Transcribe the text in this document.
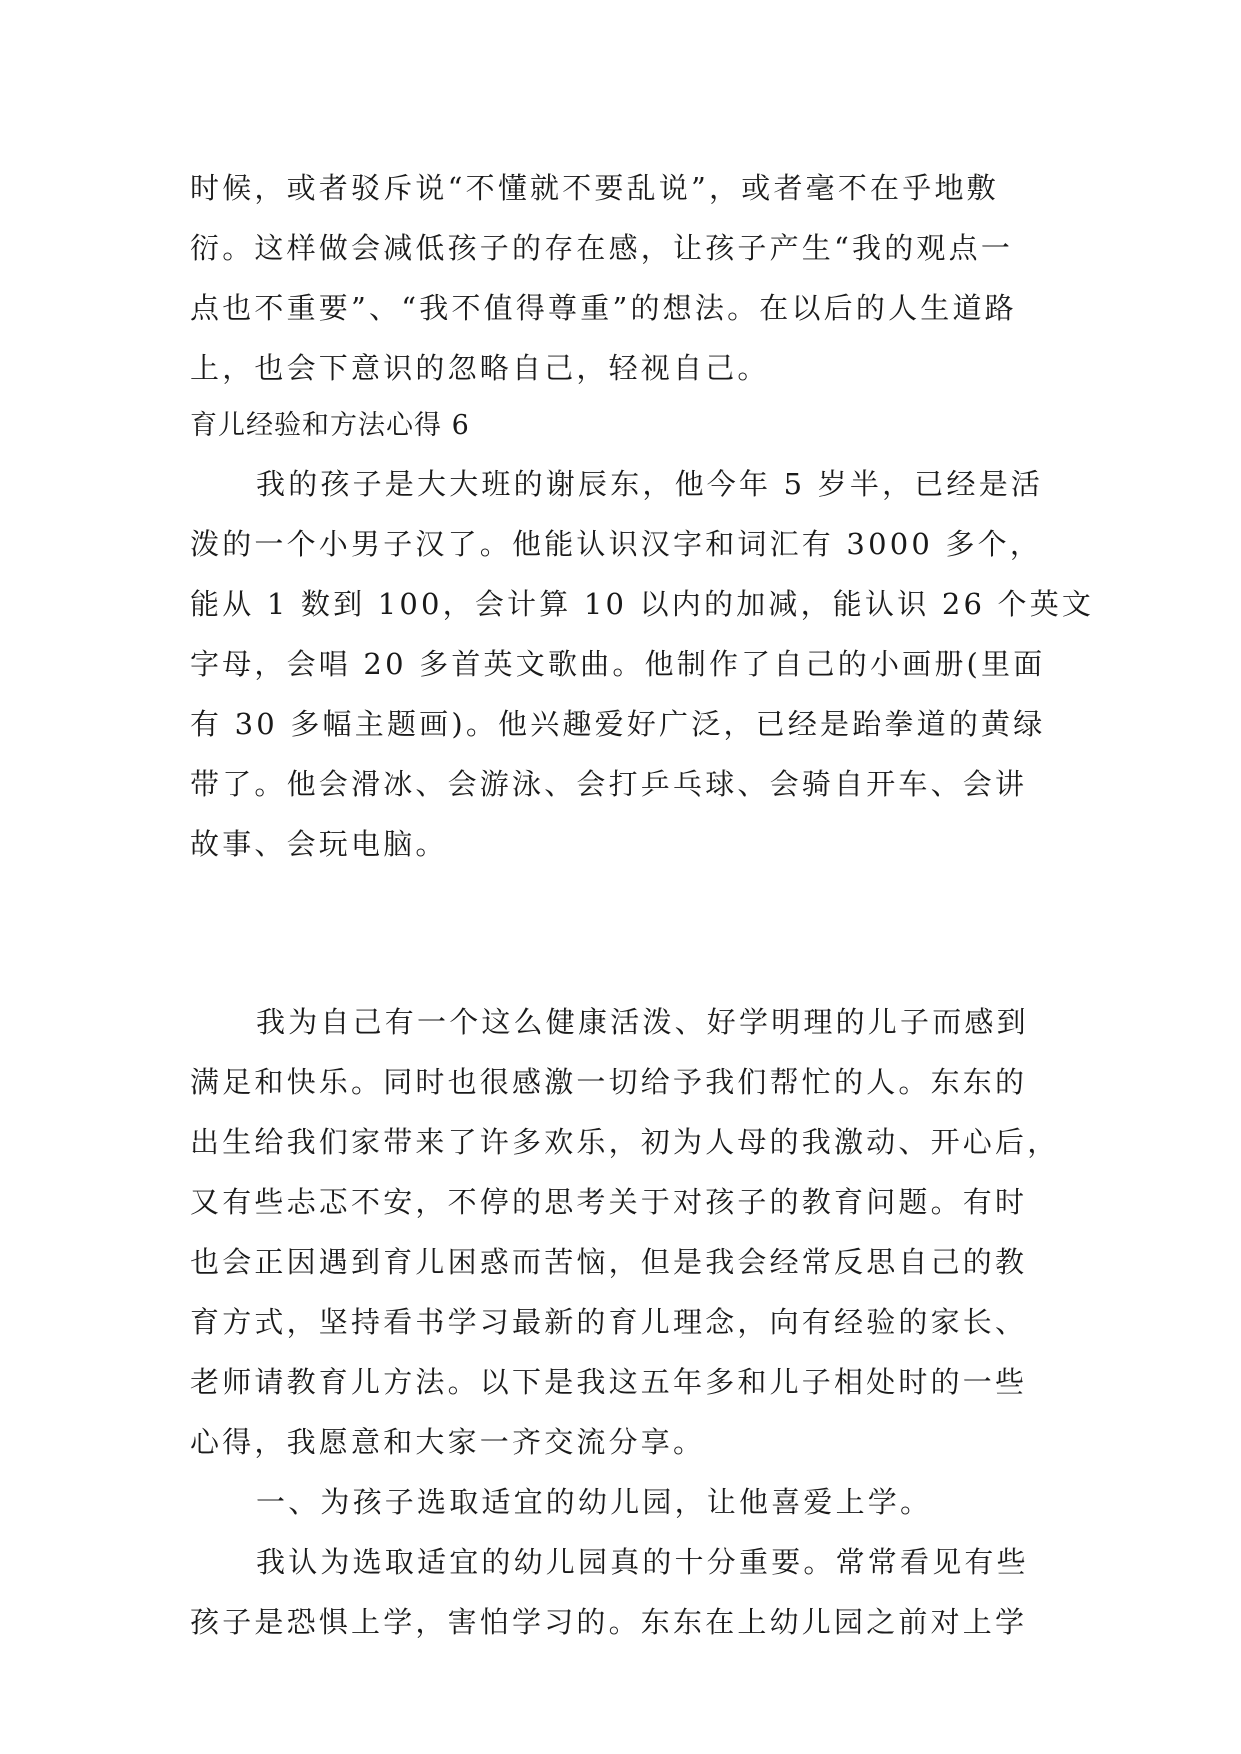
时候，或者驳斥说“不懂就不要乱说”，或者毫不在乎地敷
衍。这样做会减低孩子的存在感，让孩子产生“我的观点一
点也不重要”、“我不值得尊重”的想法。在以后的人生道路
上，也会下意识的忽略自己，轻视自己。
育儿经验和方法心得 6
我的孩子是大大班的谢辰东，他今年 5 岁半，已经是活
泼的一个小男子汉了。他能认识汉字和词汇有 3000 多个，
能从 1 数到 100，会计算 10 以内的加减，能认识 26 个英文
字母，会唱 20 多首英文歌曲。他制作了自己的小画册(里面
有 30 多幅主题画)。他兴趣爱好广泛，已经是跆拳道的黄绿
带了。他会滑冰、会游泳、会打乒乓球、会骑自开车、会讲
故事、会玩电脑。
我为自己有一个这么健康活泼、好学明理的儿子而感到
满足和快乐。同时也很感激一切给予我们帮忙的人。东东的
出生给我们家带来了许多欢乐，初为人母的我激动、开心后，
又有些忐忑不安，不停的思考关于对孩子的教育问题。有时
也会正因遇到育儿困惑而苦恼，但是我会经常反思自己的教
育方式，坚持看书学习最新的育儿理念，向有经验的家长、
老师请教育儿方法。以下是我这五年多和儿子相处时的一些
心得，我愿意和大家一齐交流分享。
一、为孩子选取适宜的幼儿园，让他喜爱上学。
我认为选取适宜的幼儿园真的十分重要。常常看见有些
孩子是恐惧上学，害怕学习的。东东在上幼儿园之前对上学
